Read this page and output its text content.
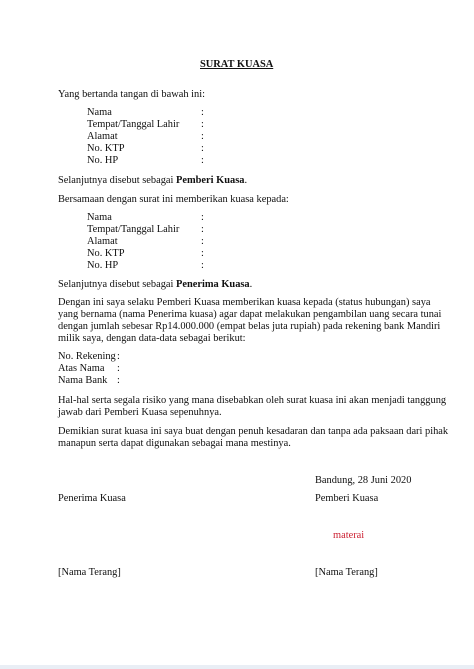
SURAT KUASA
Yang bertanda tangan di bawah ini:
Nama	:
Tempat/Tanggal Lahir :
Alamat	:
No. KTP	:
No. HP	:
Selanjutnya disebut sebagai Pemberi Kuasa.
Bersamaan dengan surat ini memberikan kuasa kepada:
Nama	:
Tempat/Tanggal Lahir :
Alamat	:
No. KTP	:
No. HP	:
Selanjutnya disebut sebagai Penerima Kuasa.
Dengan ini saya selaku Pemberi Kuasa memberikan kuasa kepada (status hubungan) saya
yang bernama (nama Penerima kuasa) agar dapat melakukan pengambilan uang secara tunai
dengan jumlah sebesar Rp14.000.000 (empat belas juta rupiah) pada rekening bank Mandiri
milik saya, dengan data-data sebagai berikut:
No. Rekening :
Atas Nama :
Nama Bank :
Hal-hal serta segala risiko yang mana disebabkan oleh surat kuasa ini akan menjadi tanggung
jawab dari Pemberi Kuasa sepenuhnya.
Demikian surat kuasa ini saya buat dengan penuh kesadaran dan tanpa ada paksaan dari pihak
manapun serta dapat digunakan sebagai mana mestinya.
Bandung, 28 Juni 2020
Penerima Kuasa	Pemberi Kuasa
materai
[Nama Terang]	[Nama Terang]
